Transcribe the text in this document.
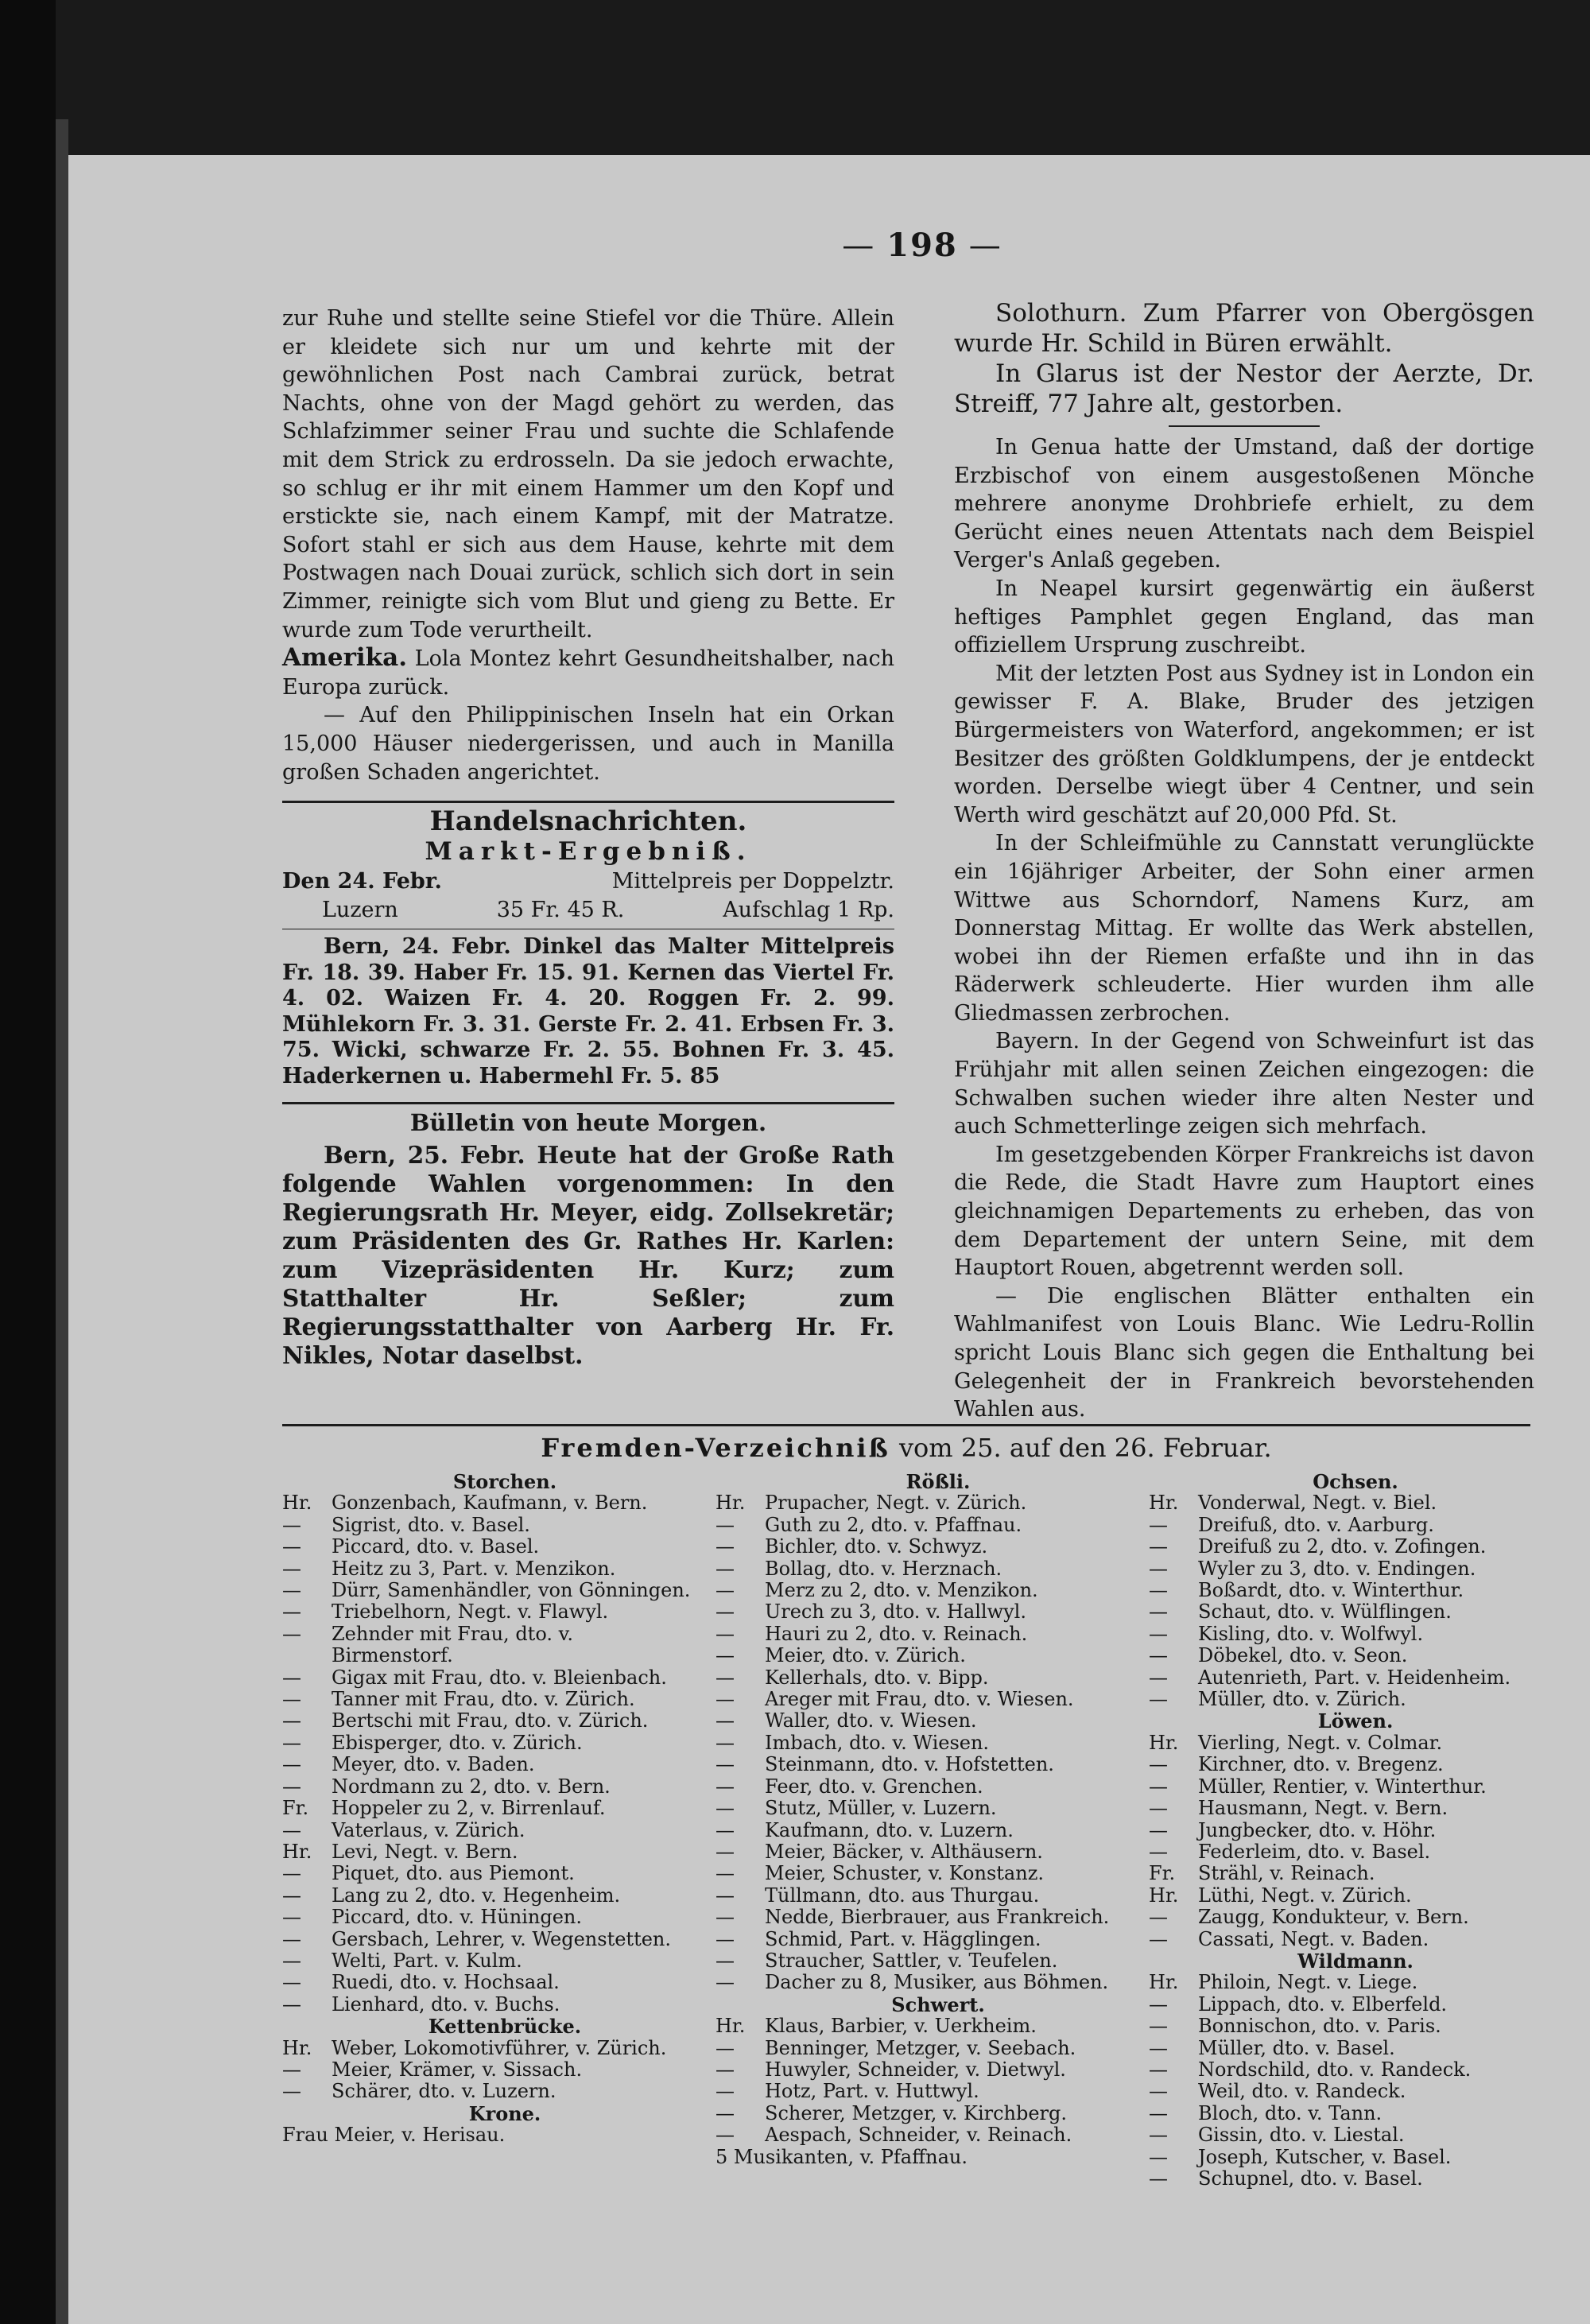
— 198 —

zur Ruhe und stellte seine Stiefel vor die Thüre. Allein er kleidete sich nur um und kehrte mit der gewöhnlichen Post nach Cambrai zurück, betrat Nachts, ohne von der Magd gehört zu werden, das Schlafzimmer seiner Frau und suchte die Schlafende mit dem Strick zu erdrosseln. Da sie jedoch erwachte, so schlug er ihr mit einem Hammer um den Kopf und erstickte sie, nach einem Kampf, mit der Matratze. Sofort stahl er sich aus dem Hause, kehrte mit dem Postwagen nach Douai zurück, schlich sich dort in sein Zimmer, reinigte sich vom Blut und gieng zu Bette. Er wurde zum Tode verurtheilt.

Amerika. Lola Montez kehrt Gesundheitshalber, nach Europa zurück.

— Auf den Philippinischen Inseln hat ein Orkan 15,000 Häuser niedergerissen, und auch in Manilla großen Schaden angerichtet.

Handelsnachrichten.
Markt-Ergebniß.
Den 24. Febr.	Mittelpreis per Doppelztr.
Luzern	35 Fr. 45 R.	Aufschlag 1 Rp.

Bern, 24. Febr. Dinkel das Malter Mittelpreis Fr. 18. 39. Haber Fr. 15. 91. Kernen das Viertel Fr. 4. 02. Waizen Fr. 4. 20. Roggen Fr. 2. 99. Mühlekorn Fr. 3. 31. Gerste Fr. 2. 41. Erbsen Fr. 3. 75. Wicki, schwarze Fr. 2. 55. Bohnen Fr. 3. 45. Haderkernen u. Habermehl Fr. 5. 85

Bülletin von heute Morgen.

Bern, 25. Febr. Heute hat der Große Rath folgende Wahlen vorgenommen: In den Regierungsrath Hr. Meyer, eidg. Zollsekretär; zum Präsidenten des Gr. Rathes Hr. Karlen: zum Vizepräsidenten Hr. Kurz; zum Statthalter Hr. Seßler; zum Regierungsstatthalter von Aarberg Hr. Fr. Nikles, Notar daselbst.

Solothurn. Zum Pfarrer von Obergösgen wurde Hr. Schild in Büren erwählt.

In Glarus ist der Nestor der Aerzte, Dr. Streiff, 77 Jahre alt, gestorben.

In Genua hatte der Umstand, daß der dortige Erzbischof von einem ausgestoßenen Mönche mehrere anonyme Drohbriefe erhielt, zu dem Gerücht eines neuen Attentats nach dem Beispiel Verger's Anlaß gegeben.

In Neapel kursirt gegenwärtig ein äußerst heftiges Pamphlet gegen England, das man offiziellem Ursprung zuschreibt.

Mit der letzten Post aus Sydney ist in London ein gewisser F. A. Blake, Bruder des jetzigen Bürgermeisters von Waterford, angekommen; er ist Besitzer des größten Goldklumpens, der je entdeckt worden. Derselbe wiegt über 4 Centner, und sein Werth wird geschätzt auf 20,000 Pfd. St.

In der Schleifmühle zu Cannstatt verunglückte ein 16jähriger Arbeiter, der Sohn einer armen Wittwe aus Schorndorf, Namens Kurz, am Donnerstag Mittag. Er wollte das Werk abstellen, wobei ihn der Riemen erfaßte und ihn in das Räderwerk schleuderte. Hier wurden ihm alle Gliedmassen zerbrochen.

Bayern. In der Gegend von Schweinfurt ist das Frühjahr mit allen seinen Zeichen eingezogen: die Schwalben suchen wieder ihre alten Nester und auch Schmetterlinge zeigen sich mehrfach.

Im gesetzgebenden Körper Frankreichs ist davon die Rede, die Stadt Havre zum Hauptort eines gleichnamigen Departements zu erheben, das von dem Departement der untern Seine, mit dem Hauptort Rouen, abgetrennt werden soll.

— Die englischen Blätter enthalten ein Wahlmanifest von Louis Blanc. Wie Ledru-Rollin spricht Louis Blanc sich gegen die Enthaltung bei Gelegenheit der in Frankreich bevorstehenden Wahlen aus.

Fremden-Verzeichniß vom 25. auf den 26. Februar.
Storchen.
Hr.	Gonzenbach, Kaufmann, v. Bern.
—	Sigrist, dto. v. Basel.
—	Piccard, dto. v. Basel.
—	Heitz zu 3, Part. v. Menzikon.
—	Dürr, Samenhändler, von Gönningen.
—	Triebelhorn, Negt. v. Flawyl.
—	Zehnder mit Frau, dto. v. Birmenstorf.
—	Gigax mit Frau, dto. v. Bleienbach.
—	Tanner mit Frau, dto. v. Zürich.
—	Bertschi mit Frau, dto. v. Zürich.
—	Ebisperger, dto. v. Zürich.
—	Meyer, dto. v. Baden.
—	Nordmann zu 2, dto. v. Bern.
Fr.	Hoppeler zu 2, v. Birrenlauf.
—	Vaterlaus, v. Zürich.
Hr.	Levi, Negt. v. Bern.
—	Piquet, dto. aus Piemont.
—	Lang zu 2, dto. v. Hegenheim.
—	Piccard, dto. v. Hüningen.
—	Gersbach, Lehrer, v. Wegenstetten.
—	Welti, Part. v. Kulm.
—	Ruedi, dto. v. Hochsaal.
—	Lienhard, dto. v. Buchs.
Kettenbrücke.
Hr.	Weber, Lokomotivführer, v. Zürich.
—	Meier, Krämer, v. Sissach.
—	Schärer, dto. v. Luzern.
Krone.
Frau Meier, v. Herisau.
Rößli.
Hr.	Prupacher, Negt. v. Zürich.
—	Guth zu 2, dto. v. Pfaffnau.
—	Bichler, dto. v. Schwyz.
—	Bollag, dto. v. Herznach.
—	Merz zu 2, dto. v. Menzikon.
—	Urech zu 3, dto. v. Hallwyl.
—	Hauri zu 2, dto. v. Reinach.
—	Meier, dto. v. Zürich.
—	Kellerhals, dto. v. Bipp.
—	Areger mit Frau, dto. v. Wiesen.
—	Waller, dto. v. Wiesen.
—	Imbach, dto. v. Wiesen.
—	Steinmann, dto. v. Hofstetten.
—	Feer, dto. v. Grenchen.
—	Stutz, Müller, v. Luzern.
—	Kaufmann, dto. v. Luzern.
—	Meier, Bäcker, v. Althäusern.
—	Meier, Schuster, v. Konstanz.
—	Tüllmann, dto. aus Thurgau.
—	Nedde, Bierbrauer, aus Frankreich.
—	Schmid, Part. v. Hägglingen.
—	Straucher, Sattler, v. Teufelen.
—	Dacher zu 8, Musiker, aus Böhmen.
Schwert.
Hr.	Klaus, Barbier, v. Uerkheim.
—	Benninger, Metzger, v. Seebach.
—	Huwyler, Schneider, v. Dietwyl.
—	Hotz, Part. v. Huttwyl.
—	Scherer, Metzger, v. Kirchberg.
—	Aespach, Schneider, v. Reinach.
5 Musikanten, v. Pfaffnau.
Ochsen.
Hr.	Vonderwal, Negt. v. Biel.
—	Dreifuß, dto. v. Aarburg.
—	Dreifuß zu 2, dto. v. Zofingen.
—	Wyler zu 3, dto. v. Endingen.
—	Boßardt, dto. v. Winterthur.
—	Schaut, dto. v. Wülflingen.
—	Kisling, dto. v. Wolfwyl.
—	Döbekel, dto. v. Seon.
—	Autenrieth, Part. v. Heidenheim.
—	Müller, dto. v. Zürich.
Löwen.
Hr.	Vierling, Negt. v. Colmar.
—	Kirchner, dto. v. Bregenz.
—	Müller, Rentier, v. Winterthur.
—	Hausmann, Negt. v. Bern.
—	Jungbecker, dto. v. Höhr.
—	Federleim, dto. v. Basel.
Fr.	Strähl, v. Reinach.
Hr.	Lüthi, Negt. v. Zürich.
—	Zaugg, Kondukteur, v. Bern.
—	Cassati, Negt. v. Baden.
Wildmann.
Hr.	Philoin, Negt. v. Liege.
—	Lippach, dto. v. Elberfeld.
—	Bonnischon, dto. v. Paris.
—	Müller, dto. v. Basel.
—	Nordschild, dto. v. Randeck.
—	Weil, dto. v. Randeck.
—	Bloch, dto. v. Tann.
—	Gissin, dto. v. Liestal.
—	Joseph, Kutscher, v. Basel.
—	Schupnel, dto. v. Basel.
